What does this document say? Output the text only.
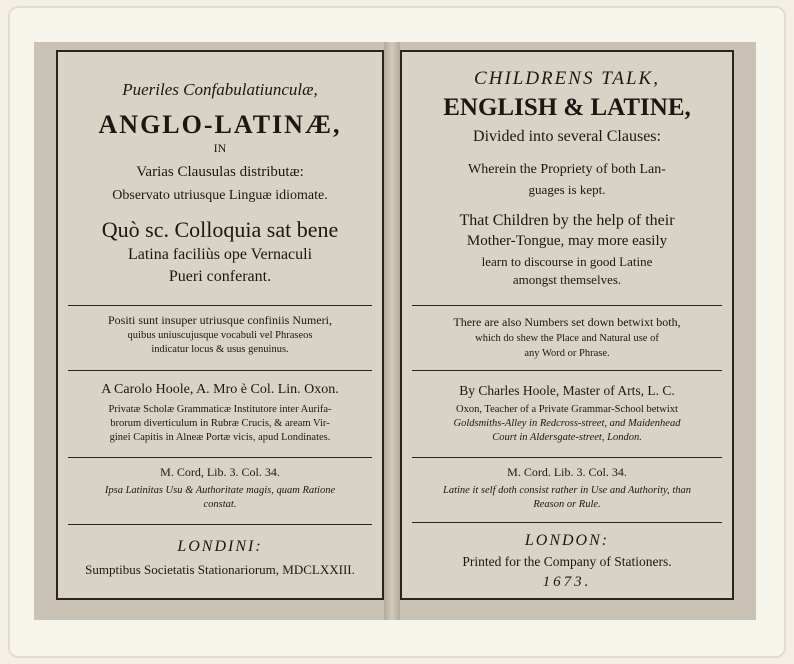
Pueriles Confabulatiunculæ,
ANGLO-LATINÆ,
IN
Varias Clausulas distributæ:
Observato utriusque Linguæ idiomate.
Quò sc. Colloquia sat bene
Latina faciliùs ope Vernaculi
Pueri conferant.
Positi sunt insuper utriusque confiniis Numeri,
quibus uniuscujusque vocabuli vel Phraseos
indicatur locus & usus genuinus.
A Carolo Hoole, A. Mro è Col. Lin. Oxon.
Privatæ Scholæ Grammaticæ Institutore inter Aurifa-
brorum diverticulum in Rubræ Crucis, & aream Vir-
ginei Capitis in Alneæ Portæ vicis, apud Londinates.
M. Cord, Lib. 3. Col. 34.
Ipsa Latinitas Usu & Authoritate magis, quam Ratione
constat.
LONDINI:
Sumptibus Societatis Stationariorum, MDCLXXIII.
CHILDRENS TALK,
ENGLISH & LATINE,
Divided into several Clauses:
Wherein the Propriety of both Lan-
guages is kept.
That Children by the help of their
Mother-Tongue, may more easily
learn to discourse in good Latine
amongst themselves.
There are also Numbers set down betwixt both,
which do shew the Place and Natural use of
any Word or Phrase.
By Charles Hoole, Master of Arts, L. C.
Oxon, Teacher of a Private Grammar-School betwixt
Goldsmiths-Alley in Redcross-street, and Maidenhead
Court in Aldersgate-street, London.
M. Cord. Lib. 3. Col. 34.
Latine it self doth consist rather in Use and Authority, than
Reason or Rule.
LONDON:
Printed for the Company of Stationers.
1673.
